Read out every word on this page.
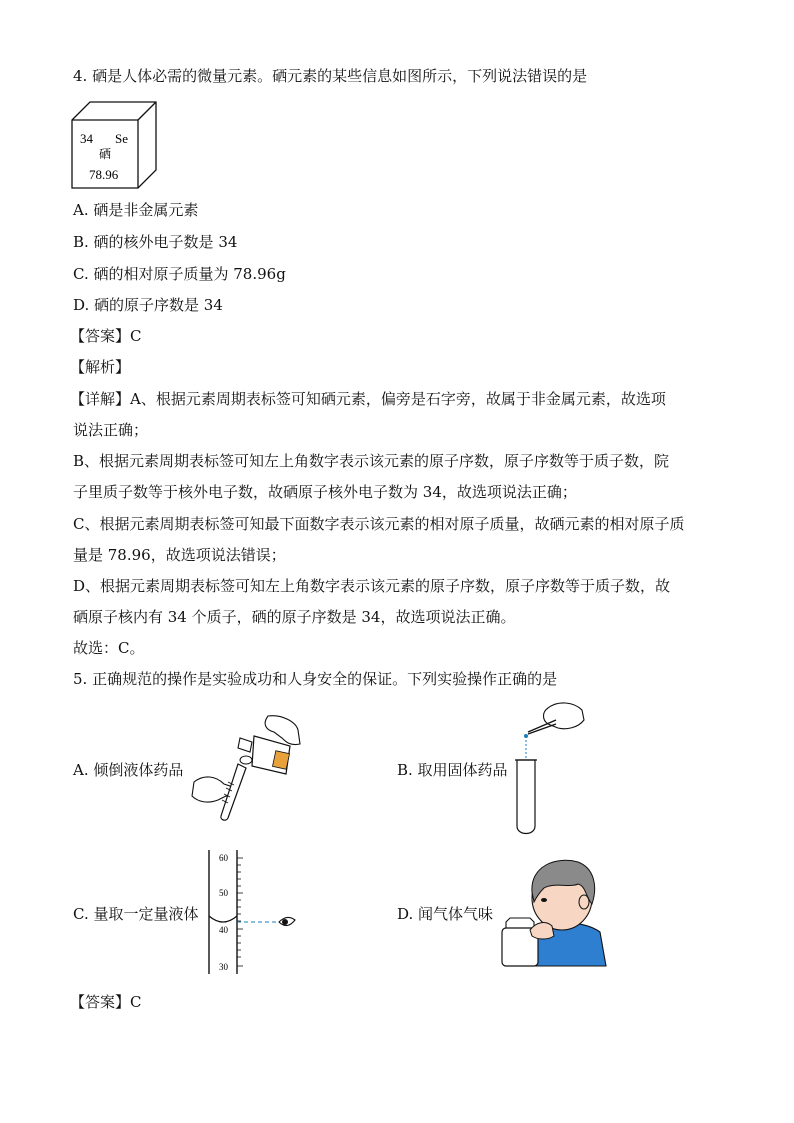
4. 硒是人体必需的微量元素。硒元素的某些信息如图所示，下列说法错误的是
34 Se
硒
78.96
A. 硒是非金属元素
B. 硒的核外电子数是 34
C. 硒的相对原子质量为 78.96g
D. 硒的原子序数是 34
【答案】C
【解析】
【详解】A、根据元素周期表标签可知硒元素，偏旁是石字旁，故属于非金属元素，故选项
说法正确；
B、根据元素周期表标签可知左上角数字表示该元素的原子序数，原子序数等于质子数，院
子里质子数等于核外电子数，故硒原子核外电子数为 34，故选项说法正确；
C、根据元素周期表标签可知最下面数字表示该元素的相对原子质量，故硒元素的相对原子质
量是 78.96，故选项说法错误；
D、根据元素周期表标签可知左上角数字表示该元素的原子序数，原子序数等于质子数，故
硒原子核内有 34 个质子，硒的原子序数是 34，故选项说法正确。
故选：C。
5. 正确规范的操作是实验成功和人身安全的保证。下列实验操作正确的是
A. 倾倒液体药品	B. 取用固体药品
C. 量取一定量液体	D. 闻气体气味
60
50
40
30
【答案】C
